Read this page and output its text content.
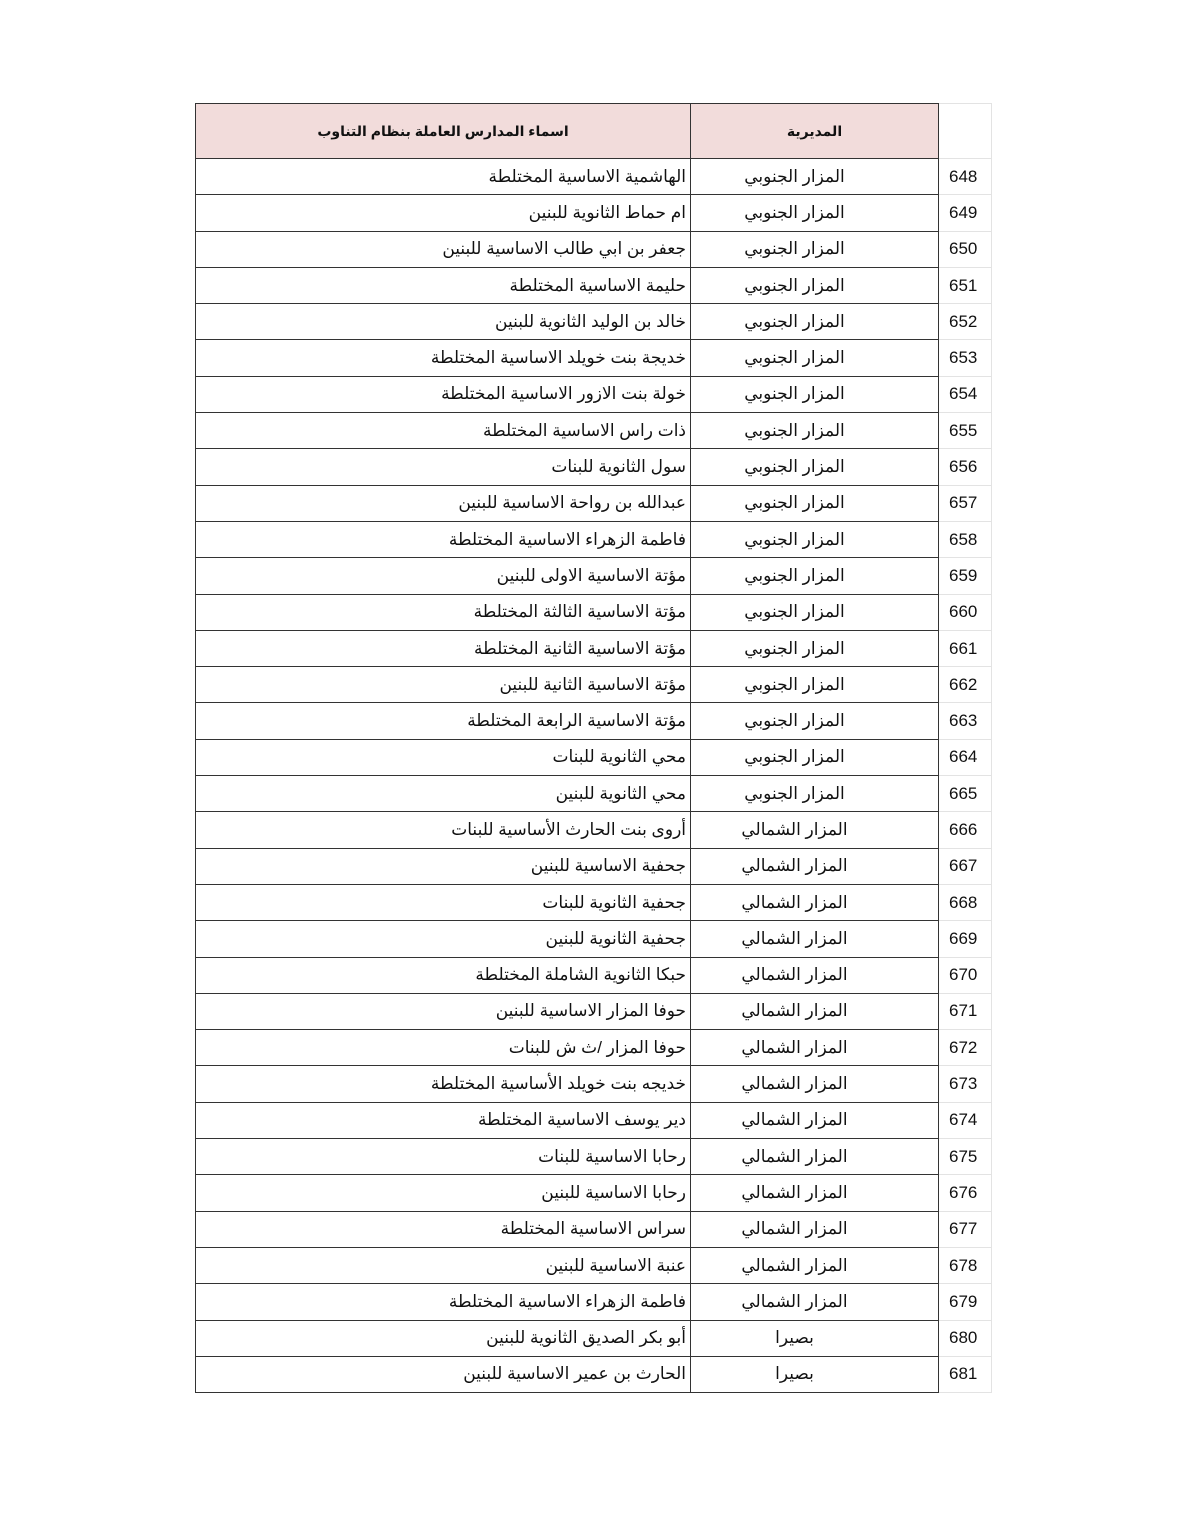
اسماء المدارس العاملة بنظام التناوب	المديرية	
الهاشمية الاساسية المختلطة	المزار الجنوبي	648
ام حماط الثانوية للبنين	المزار الجنوبي	649
جعفر بن ابي طالب الاساسية للبنين	المزار الجنوبي	650
حليمة الاساسية المختلطة	المزار الجنوبي	651
خالد بن الوليد الثانوية للبنين	المزار الجنوبي	652
خديجة بنت خويلد الاساسية المختلطة	المزار الجنوبي	653
خولة بنت الازور الاساسية المختلطة	المزار الجنوبي	654
ذات راس الاساسية المختلطة	المزار الجنوبي	655
سول الثانوية للبنات	المزار الجنوبي	656
عبدالله بن رواحة الاساسية للبنين	المزار الجنوبي	657
فاطمة الزهراء الاساسية المختلطة	المزار الجنوبي	658
مؤتة الاساسية الاولى للبنين	المزار الجنوبي	659
مؤتة الاساسية الثالثة المختلطة	المزار الجنوبي	660
مؤتة الاساسية الثانية المختلطة	المزار الجنوبي	661
مؤتة الاساسية الثانية للبنين	المزار الجنوبي	662
مؤتة الاساسية الرابعة المختلطة	المزار الجنوبي	663
محي الثانوية للبنات	المزار الجنوبي	664
محي الثانوية للبنين	المزار الجنوبي	665
أروى بنت الحارث الأساسية للبنات	المزار الشمالي	666
جحفية الاساسية للبنين	المزار الشمالي	667
جحفية الثانوية للبنات	المزار الشمالي	668
جحفية الثانوية للبنين	المزار الشمالي	669
حبكا الثانوية الشاملة المختلطة	المزار الشمالي	670
حوفا المزار الاساسية للبنين	المزار الشمالي	671
حوفا المزار /ث ش للبنات	المزار الشمالي	672
خديجه بنت خويلد الأساسية المختلطة	المزار الشمالي	673
دير يوسف الاساسية المختلطة	المزار الشمالي	674
رحابا الاساسية للبنات	المزار الشمالي	675
رحابا الاساسية للبنين	المزار الشمالي	676
سراس الاساسية المختلطة	المزار الشمالي	677
عنبة الاساسية للبنين	المزار الشمالي	678
فاطمة الزهراء الاساسية المختلطة	المزار الشمالي	679
أبو بكر الصديق الثانوية للبنين	بصيرا	680
الحارث بن عمير الاساسية للبنين	بصيرا	681
